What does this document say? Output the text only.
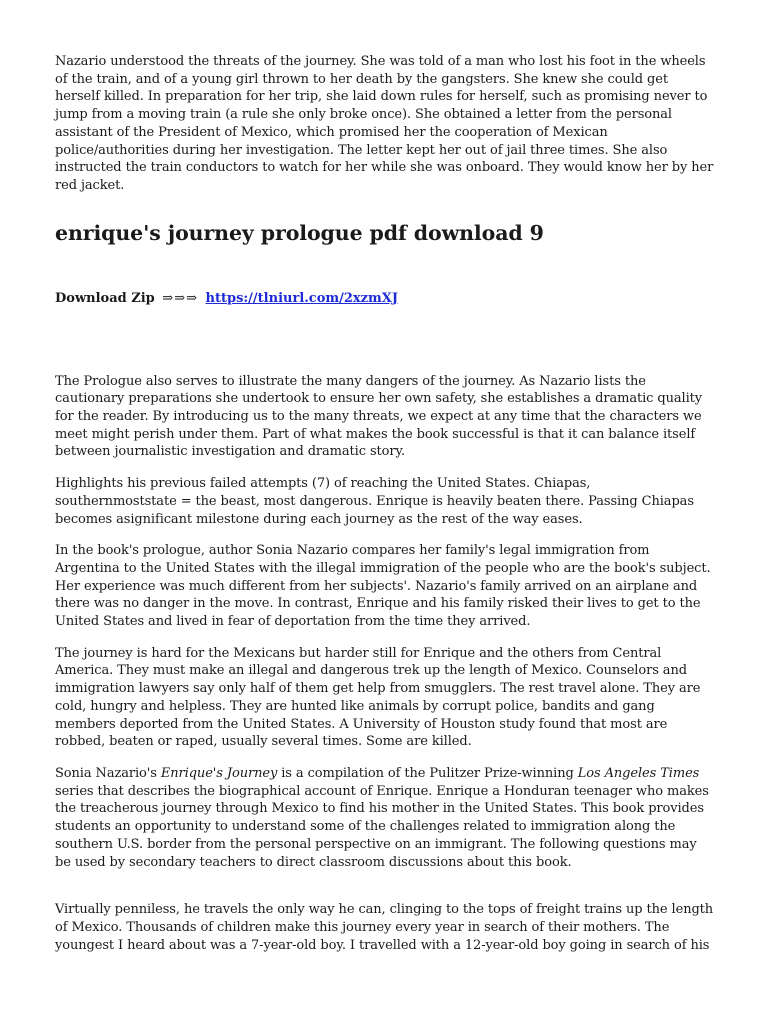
Nazario understood the threats of the journey. She was told of a man who lost his foot in the wheels of the train, and of a young girl thrown to her death by the gangsters. She knew she could get herself killed. In preparation for her trip, she laid down rules for herself, such as promising never to jump from a moving train (a rule she only broke once). She obtained a letter from the personal assistant of the President of Mexico, which promised her the cooperation of Mexican police/authorities during her investigation. The letter kept her out of jail three times. She also instructed the train conductors to watch for her while she was onboard. They would know her by her red jacket.

enrique's journey prologue pdf download 9
Download Zip ⇒⇒⇒ https://tlniurl.com/2xzmXJ

The Prologue also serves to illustrate the many dangers of the journey. As Nazario lists the cautionary preparations she undertook to ensure her own safety, she establishes a dramatic quality for the reader. By introducing us to the many threats, we expect at any time that the characters we meet might perish under them. Part of what makes the book successful is that it can balance itself between journalistic investigation and dramatic story.

Highlights his previous failed attempts (7) of reaching the United States. Chiapas, southernmoststate = the beast, most dangerous. Enrique is heavily beaten there. Passing Chiapas becomes asignificant milestone during each journey as the rest of the way eases.

In the book's prologue, author Sonia Nazario compares her family's legal immigration from Argentina to the United States with the illegal immigration of the people who are the book's subject. Her experience was much different from her subjects'. Nazario's family arrived on an airplane and there was no danger in the move. In contrast, Enrique and his family risked their lives to get to the United States and lived in fear of deportation from the time they arrived.

The journey is hard for the Mexicans but harder still for Enrique and the others from Central America. They must make an illegal and dangerous trek up the length of Mexico. Counselors and immigration lawyers say only half of them get help from smugglers. The rest travel alone. They are cold, hungry and helpless. They are hunted like animals by corrupt police, bandits and gang members deported from the United States. A University of Houston study found that most are robbed, beaten or raped, usually several times. Some are killed.

Sonia Nazario's Enrique's Journey is a compilation of the Pulitzer Prize-winning Los Angeles Times series that describes the biographical account of Enrique. Enrique a Honduran teenager who makes the treacherous journey through Mexico to find his mother in the United States. This book provides students an opportunity to understand some of the challenges related to immigration along the southern U.S. border from the personal perspective on an immigrant. The following questions may be used by secondary teachers to direct classroom discussions about this book.

Virtually penniless, he travels the only way he can, clinging to the tops of freight trains up the length of Mexico. Thousands of children make this journey every year in search of their mothers. The youngest I heard about was a 7-year-old boy. I travelled with a 12-year-old boy going in search of his
